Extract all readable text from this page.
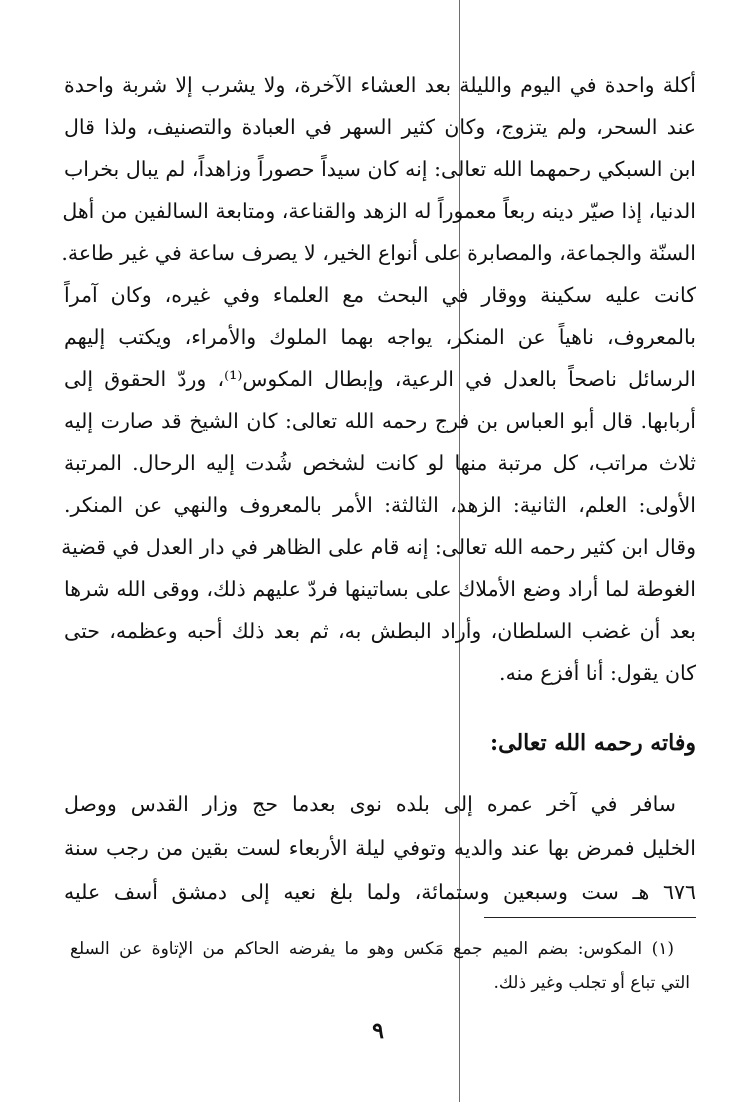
أكلة واحدة في اليوم والليلة بعد العشاء الآخرة، ولا يشرب إلا شربة واحدة
عند السحر، ولم يتزوج، وكان كثير السهر في العبادة والتصنيف، ولذا قال
ابن السبكي رحمهما الله تعالى: إنه كان سيداً حصوراً وزاهداً، لم يبال بخراب
الدنيا، إذا صيّر دينه ربعاً معموراً له الزهد والقناعة، ومتابعة السالفين من أهل
السنّة والجماعة، والمصابرة على أنواع الخير، لا يصرف ساعة في غير طاعة.
كانت عليه سكينة ووقار في البحث مع العلماء وفي غيره، وكان آمراً
بالمعروف، ناهياً عن المنكر، يواجه بهما الملوك والأمراء، ويكتب إليهم
الرسائل ناصحاً بالعدل في الرعية، وإبطال المكوس⁽¹⁾، وردّ الحقوق إلى
أربابها. قال أبو العباس بن فرج رحمه الله تعالى: كان الشيخ قد صارت إليه
ثلاث مراتب، كل مرتبة منها لو كانت لشخص شُدت إليه الرحال. المرتبة
الأولى: العلم، الثانية: الزهد، الثالثة: الأمر بالمعروف والنهي عن المنكر.
وقال ابن كثير رحمه الله تعالى: إنه قام على الظاهر في دار العدل في قضية
الغوطة لما أراد وضع الأملاك على بساتينها فردّ عليهم ذلك، ووقى الله شرها
بعد أن غضب السلطان، وأراد البطش به، ثم بعد ذلك أحبه وعظمه، حتى
كان يقول: أنا أفزع منه.
وفاته رحمه الله تعالى:
سافر في آخر عمره إلى بلده نوى بعدما حج وزار القدس ووصل
الخليل فمرض بها عند والديه وتوفي ليلة الأربعاء لست بقين من رجب سنة
٦٧٦ هـ ست وسبعين وستمائة، ولما بلغ نعيه إلى دمشق أسف عليه
(١) المكوس: بضم الميم جمع مَكس وهو ما يفرضه الحاكم من الإتاوة عن السلع
التي تباع أو تجلب وغير ذلك.
٩
